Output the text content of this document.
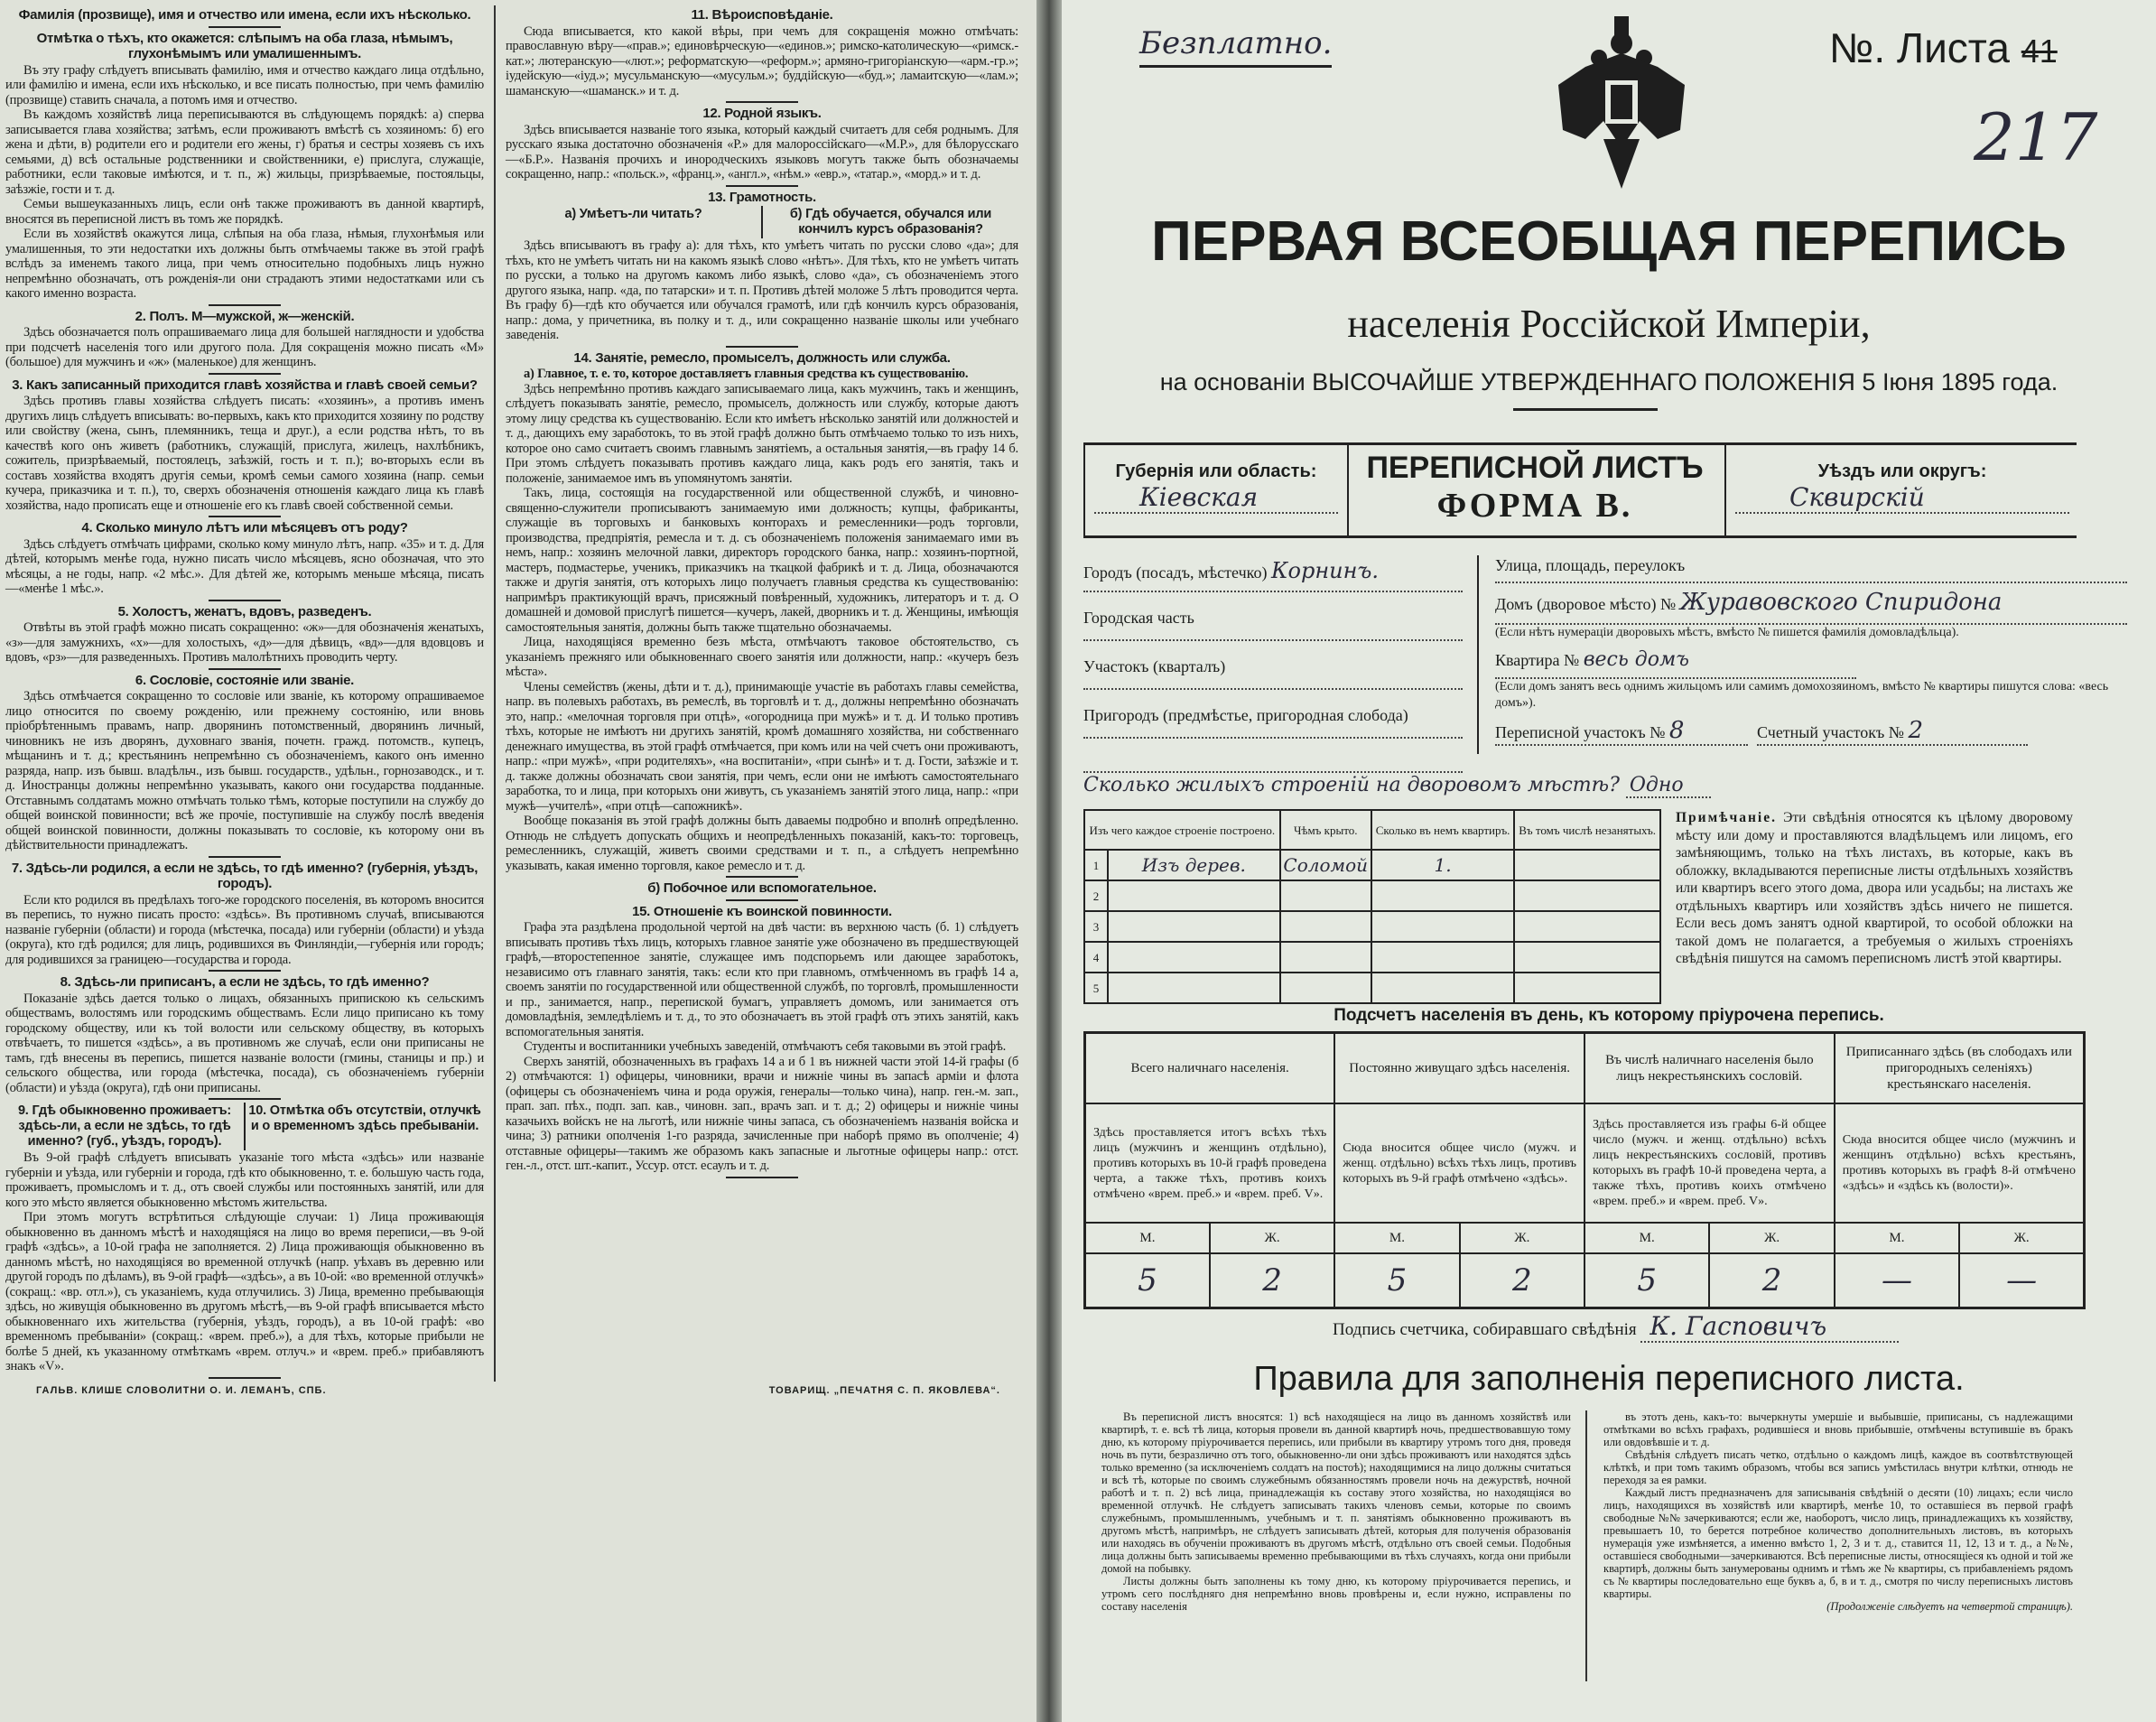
Фамилія (прозвище), имя и отчество или имена, если ихъ нѣсколько.
Отмѣтка о тѣхъ, кто окажется: слѣпымъ на оба глаза, нѣмымъ, глухонѣмымъ или умалишеннымъ.

Въ эту графу слѣдуетъ вписывать фамилію, имя и отчество каждаго лица отдѣльно, или фамилію и имена, если ихъ нѣсколько, и все писать полностью, при чемъ фамилію (прозвище) ставить сначала, а потомъ имя и отчество.

Въ каждомъ хозяйствѣ лица переписываются въ слѣдующемъ порядкѣ: а) сперва записывается глава хозяйства; затѣмъ, если проживаютъ вмѣстѣ съ хозяиномъ: б) его жена и дѣти, в) родители его и родители его жены, г) братья и сестры хозяевъ съ ихъ семьями, д) всѣ остальные родственники и свойственники, е) прислуга, служащіе, работники, если таковые имѣются, и т. п., ж) жильцы, призрѣваемые, постояльцы, заѣзжіе, гости и т. д.

Семьи вышеуказанныхъ лицъ, если онѣ также проживаютъ въ данной квартирѣ, вносятся въ переписной листъ въ томъ же порядкѣ.

Если въ хозяйствѣ окажутся лица, слѣпыя на оба глаза, нѣмыя, глухонѣмыя или умалишенныя, то эти недостатки ихъ должны быть отмѣчаемы также въ этой графѣ вслѣдъ за именемъ такого лица, при чемъ относительно подобныхъ лицъ нужно непремѣнно обозначать, отъ рожденія-ли они страдаютъ этими недостатками или съ какого именно возраста.

2. Полъ. М—мужской, ж—женскій.

Здѣсь обозначается полъ опрашиваемаго лица для большей наглядности и удобства при подсчетѣ населенія того или другого пола. Для сокращенія можно писать «М» (большое) для мужчинъ и «ж» (маленькое) для женщинъ.

3. Какъ записанный приходится главѣ хозяйства и главѣ своей семьи?

Здѣсь противъ главы хозяйства слѣдуетъ писать: «хозяинъ», а противъ именъ другихъ лицъ слѣдуетъ вписывать: во-первыхъ, какъ кто приходится хозяину по родству или свойству (жена, сынъ, племянникъ, теща и друг.), а если родства нѣтъ, то въ качествѣ кого онъ живетъ (работникъ, служащій, прислуга, жилецъ, нахлѣбникъ, сожитель, призрѣваемый, постоялецъ, заѣзжій, гость и т. п.); во-вторыхъ если въ составъ хозяйства входятъ другія семьи, кромѣ семьи самого хозяина (напр. семьи кучера, приказчика и т. п.), то, сверхъ обозначенія отношенія каждаго лица къ главѣ хозяйства, надо прописать еще и отношеніе его къ главѣ своей собственной семьи.

4. Сколько минуло лѣтъ или мѣсяцевъ отъ роду?

Здѣсь слѣдуетъ отмѣчать цифрами, сколько кому минуло лѣтъ, напр. «35» и т. д. Для дѣтей, которымъ менѣе года, нужно писать число мѣсяцевъ, ясно обозначая, что это мѣсяцы, а не годы, напр. «2 мѣс.». Для дѣтей же, которымъ меньше мѣсяца, писать—«менѣе 1 мѣс.».

5. Холостъ, женатъ, вдовъ, разведенъ.

Отвѣты въ этой графѣ можно писать сокращенно: «ж»—для обозначенія женатыхъ, «з»—для замужнихъ, «х»—для холостыхъ, «д»—для дѣвицъ, «вд»—для вдовцовъ и вдовъ, «рз»—для разведенныхъ. Противъ малолѣтнихъ проводить черту.

6. Сословіе, состояніе или званіе.

Здѣсь отмѣчается сокращенно то сословіе или званіе, къ которому опрашиваемое лицо относится по своему рожденію, или прежнему состоянію, или вновь пріобрѣтеннымъ правамъ, напр. дворянинъ потомственный, дворянинъ личный, чиновникъ не изъ дворянъ, духовнаго званія, почетн. гражд. потомств., купецъ, мѣщанинъ и т. д.; крестьянинъ непремѣнно съ обозначеніемъ, какого онъ именно разряда, напр. изъ бывш. владѣльч., изъ бывш. государств., удѣльн., горнозаводск., и т. д. Иностранцы должны непремѣнно указывать, какого они государства подданные. Отставнымъ солдатамъ можно отмѣчать только тѣмъ, которые поступили на службу до общей воинской повинности; всѣ же прочіе, поступившіе на службу послѣ введенія общей воинской повинности, должны показывать то сословіе, къ которому они въ дѣйствительности принадлежатъ.

7. Здѣсь-ли родился, а если не здѣсь, то гдѣ именно? (губернія, уѣздъ, городъ).

Если кто родился въ предѣлахъ того-же городского поселенія, въ которомъ вносится въ перепись, то нужно писать просто: «здѣсь». Въ противномъ случаѣ, вписываются названіе губерніи (области) и города (мѣстечка, посада) или губерніи (области) и уѣзда (округа), кто гдѣ родился; для лицъ, родившихся въ Финляндіи,—губернія или городъ; для родившихся за границею—государства и города.

8. Здѣсь-ли приписанъ, а если не здѣсь, то гдѣ именно?

Показаніе здѣсь дается только о лицахъ, обязанныхъ припискою къ сельскимъ обществамъ, волостямъ или городскимъ обществамъ. Если лицо приписано къ тому городскому обществу, или къ той волости или сельскому обществу, въ которыхъ отвѣчаетъ, то пишется «здѣсь», а въ противномъ же случаѣ, если они приписаны не тамъ, гдѣ внесены въ перепись, пишется названіе волости (гмины, станицы и пр.) и сельского общества, или города (мѣстечка, посада), съ обозначеніемъ губерніи (области) и уѣзда (округа), гдѣ они приписаны.

9. Гдѣ обыкновенно проживаетъ: здѣсь-ли, а если не здѣсь, то гдѣ именно? (губ., уѣздъ, городъ).
10. Отмѣтка объ отсутствіи, отлучкѣ и о временномъ здѣсь пребываніи.

Въ 9-ой графѣ слѣдуетъ вписывать указаніе того мѣста «здѣсь» или названіе губерніи и уѣзда, или губерніи и города, гдѣ кто обыкновенно, т. е. большую часть года, проживаетъ, промысломъ и т. д., отъ своей службы или постоянныхъ занятій, или для кого это мѣсто является обыкновенно мѣстомъ жительства.

При этомъ могутъ встрѣтиться слѣдующіе случаи: 1) Лица проживающія обыкновенно въ данномъ мѣстѣ и находящіяся на лицо во время переписи,—въ 9-ой графѣ «здѣсь», а 10-ой графа не заполняется. 2) Лица проживающія обыкновенно въ данномъ мѣстѣ, но находящіяся во временной отлучкѣ (напр. уѣхавъ въ деревню или другой городъ по дѣламъ), въ 9-ой графѣ—«здѣсь», а въ 10-ой: «во временной отлучкѣ» (сокращ.: «вр. отл.»), съ указаніемъ, куда отлучились. 3) Лица, временно пребывающія здѣсь, но живущія обыкновенно въ другомъ мѣстѣ,—въ 9-ой графѣ вписывается мѣсто обыкновеннаго ихъ жительства (губернія, уѣздъ, городъ), а въ 10-ой графѣ: «во временномъ пребываніи» (сокращ.: «врем. преб.»), а для тѣхъ, которые прибыли не болѣе 5 дней, къ указанному отмѣткамъ «врем. отлуч.» и «врем. преб.» прибавляютъ знакъ «V».

11. Вѣроисповѣданіе.

Сюда вписывается, кто какой вѣры, при чемъ для сокращенія можно отмѣчать: православную вѣру—«прав.»; единовѣрческую—«единов.»; римско-католическую—«римск.-кат.»; лютеранскую—«лют.»; реформатскую—«реформ.»; армяно-григоріанскую—«арм.-гр.»; іудейскую—«іуд.»; мусульманскую—«мусульм.»; буддійскую—«буд.»; ламаитскую—«лам.»; шаманскую—«шаманск.» и т. д.

12. Родной языкъ.

Здѣсь вписывается названіе того языка, который каждый считаетъ для себя роднымъ. Для русскаго языка достаточно обозначенія «Р.» для малороссійскаго—«М.Р.», для бѣлорусскаго—«Б.Р.». Названія прочихъ и инородческихъ языковъ могутъ также быть обозначаемы сокращенно, напр.: «польск.», «франц.», «англ.», «нѣм.» «евр.», «татар.», «морд.» и т. д.

13. Грамотность.
а) Умѣетъ-ли читать?	б) Гдѣ обучается, обучался или кончилъ курсъ образованія?

Здѣсь вписываютъ въ графу а): для тѣхъ, кто умѣетъ читать по русски слово «да»; для тѣхъ, кто не умѣетъ читать ни на какомъ языкѣ слово «нѣтъ». Для тѣхъ, кто не умѣетъ читать по русски, а только на другомъ какомъ либо языкѣ, слово «да», съ обозначеніемъ этого другого языка, напр. «да, по татарски» и т. п. Противъ дѣтей моложе 5 лѣтъ проводится черта. Въ графу б)—гдѣ кто обучается или обучался грамотѣ, или гдѣ кончилъ курсъ образованія, напр.: дома, у причетника, въ полку и т. д., или сокращенно названіе школы или учебнаго заведенія.

14. Занятіе, ремесло, промыселъ, должность или служба.

а) Главное, т. е. то, которое доставляетъ главныя средства къ существованію.

Здѣсь непремѣнно противъ каждаго записываемаго лица, какъ мужчинъ, такъ и женщинъ, слѣдуетъ показывать занятіе, ремесло, промыселъ, должность или службу, которые даютъ этому лицу средства къ существованію. Если кто имѣетъ нѣсколько занятій или должностей и т. д., дающихъ ему заработокъ, то въ этой графѣ должно быть отмѣчаемо только то изъ нихъ, которое оно само считаетъ своимъ главнымъ занятіемъ, а остальныя занятія,—въ графу 14 б. При этомъ слѣдуетъ показывать противъ каждаго лица, какъ родъ его занятія, такъ и положеніе, занимаемое имъ въ упомянутомъ занятіи.

Такъ, лица, состоящія на государственной или общественной службѣ, и чиновно-священно-служители прописываютъ занимаемую ими должность; купцы, фабриканты, служащіе въ торговыхъ и банковыхъ конторахъ и ремесленники—родъ торговли, производства, предпріятія, ремесла и т. д. съ обозначеніемъ положенія занимаемаго ими въ немъ, напр.: хозяинъ мелочной лавки, директоръ городского банка, напр.: хозяинъ-портной, мастеръ, подмастерье, ученикъ, приказчикъ на ткацкой фабрикѣ и т. д. Лица, обозначаются также и другія занятія, отъ которыхъ лицо получаетъ главныя средства къ существованію: напримѣръ практикующій врачъ, присяжный повѣренный, художникъ, литераторъ и т. д. О домашней и домовой прислугѣ пишется—кучеръ, лакей, дворникъ и т. д. Женщины, имѣющія самостоятельныя занятія, должны быть также тщательно обозначаемы.

Лица, находящіяся временно безъ мѣста, отмѣчаютъ таковое обстоятельство, съ указаніемъ прежняго или обыкновеннаго своего занятія или должности, напр.: «кучеръ безъ мѣста».

Члены семействъ (жены, дѣти и т. д.), принимающіе участіе въ работахъ главы семейства, напр. въ полевыхъ работахъ, въ ремеслѣ, въ торговлѣ и т. д., должны непремѣнно обозначать это, напр.: «мелочная торговля при отцѣ», «огородница при мужѣ» и т. д. И только противъ тѣхъ, которые не имѣютъ ни другихъ занятій, кромѣ домашняго хозяйства, ни собственнаго денежнаго имущества, въ этой графѣ отмѣчается, при комъ или на чей счетъ они проживаютъ, напр.: «при мужѣ», «при родителяхъ», «на воспитаніи», «при сынѣ» и т. д. Гости, заѣзжіе и т. д. также должны обозначать свои занятія, при чемъ, если они не имѣютъ самостоятельнаго заработка, то и лица, при которыхъ они живутъ, съ указаніемъ занятій этого лица, напр.: «при мужѣ—учителѣ», «при отцѣ—сапожникѣ».

Вообще показанія въ этой графѣ должны быть даваемы подробно и вполнѣ опредѣленно. Отнюдь не слѣдуетъ допускать общихъ и неопредѣленныхъ показаній, какъ-то: торговецъ, ремесленникъ, служащій, живетъ своими средствами и т. п., а слѣдуетъ непремѣнно указывать, какая именно торговля, какое ремесло и т. д.

б) Побочное или вспомогательное.
15. Отношеніе къ воинской повинности.

Графа эта раздѣлена продольной чертой на двѣ части: въ верхнюю часть (б. 1) слѣдуетъ вписывать противъ тѣхъ лицъ, которыхъ главное занятіе уже обозначено въ предшествующей графѣ,—второстепенное занятіе, служащее имъ подспорьемъ или дающее заработокъ, независимо отъ главнаго занятія, такъ: если кто при главномъ, отмѣченномъ въ графѣ 14 а, своемъ занятіи по государственной или общественной службѣ, по торговлѣ, промышленности и пр., занимается, напр., перепиской бумагъ, управляетъ домомъ, или занимается отъ домовладѣнія, земледѣліемъ и т. д., то это обозначаетъ въ этой графѣ отъ этихъ занятій, какъ вспомогательныя занятія.

Студенты и воспитанники учебныхъ заведеній, отмѣчаютъ себя таковыми въ этой графѣ.

Сверхъ занятій, обозначенныхъ въ графахъ 14 а и б 1 въ нижней части этой 14-й графы (б 2) отмѣчаются: 1) офицеры, чиновники, врачи и нижніе чины въ запасѣ арміи и флота (офицеры съ обозначеніемъ чина и рода оружія, генералы—только чина), напр. ген.-м. зап., прап. зап. пѣх., подп. зап. кав., чиновн. зап., врачъ зап. и т. д.; 2) офицеры и нижніе чины казачьихъ войскъ не на льготѣ, или нижніе чины запаса, съ обозначеніемъ названія войска и чина; 3) ратники ополченія 1-го разряда, зачисленные при наборѣ прямо въ ополченіе; 4) отставные офицеры—такимъ же образомъ какъ запасные и льготные офицеры напр.: отст. ген.-л., отст. шт.-капит., Уссур. отст. есаулъ и т. д.

ГАЛЬВ. КЛИШЕ СЛОВОЛИТНИ О. И. ЛЕМАНЪ, СПБ.	ТОВАРИЩ. „ПЕЧАТНЯ С. П. ЯКОВЛЕВА“.
Безплатно.	№. Листа 41
217
ПЕРВАЯ ВСЕОБЩАЯ ПЕРЕПИСЬ
населенія Россійской Имперіи,
на основаніи ВЫСОЧАЙШЕ УТВЕРЖДЕННАГО ПОЛОЖЕНІЯ 5 Іюня 1895 года.
Губернія или область:
Кіевская
ПЕРЕПИСНОЙ ЛИСТЪ
ФОРМА В.
Уѣздъ или округъ:
Сквирскій
Городъ (посадъ, мѣстечко) Корнинъ.
Городская часть
Участокъ (кварталъ)
Пригородъ (предмѣстье, пригородная слобода)
Улица, площадь, переулокъ
Домъ (дворовое мѣсто) № Журавовского Спиридона
(Если нѣтъ нумераціи дворовыхъ мѣстъ, вмѣсто № пишется фамилія домовладѣльца).
Квартира № весь домъ
(Если домъ занятъ весь однимъ жильцомъ или самимъ домохозяиномъ, вмѣсто № квартиры пишутся слова: «весь домъ»).
Переписной участокъ № 8	Счетный участокъ № 2
Сколько жилыхъ строеній на дворовомъ мѣстѣ? Одно
Изъ чего каждое строеніе построено.		Чѣмъ крыто.	Сколько въ немъ квартиръ.	Въ томъ числѣ незанятыхъ.
1	Изъ дерев.	Соломой	1.	
2				
3				
4				
5				
Примѣчаніе. Эти свѣдѣнія относятся къ цѣлому дворовому мѣсту или дому и проставляются владѣльцемъ или лицомъ, его замѣняющимъ, только на тѣхъ листахъ, въ которые, какъ въ обложку, вкладываются переписные листы отдѣльныхъ хозяйствъ или квартиръ всего этого дома, двора или усадьбы; на листахъ же отдѣльныхъ квартиръ или хозяйствъ здѣсь ничего не пишется. Если весь домъ занятъ одной квартирой, то особой обложки на такой домъ не полагается, а требуемыя о жилыхъ строеніяхъ свѣдѣнія пишутся на самомъ переписномъ листѣ этой квартиры.
Подсчетъ населенія въ день, къ которому пріурочена перепись.
Всего наличнаго населенія.		Постоянно живущаго здѣсь населенія.		Въ числѣ наличнаго населенія было лицъ некрестьянскихъ сословій.		Приписаннаго здѣсь (въ слободахъ или пригородныхъ селеніяхъ) крестьянскаго населенія.	
Здѣсь проставляется итогъ всѣхъ тѣхъ лицъ (мужчинъ и женщинъ отдѣльно), противъ которыхъ въ 10-й графѣ проведена черта, а также тѣхъ, противъ коихъ отмѣчено «врем. преб.» и «врем. преб. V».		Сюда вносится общее число (мужч. и женщ. отдѣльно) всѣхъ тѣхъ лицъ, противъ которыхъ въ 9-й графѣ отмѣчено «здѣсь».		Здѣсь проставляется изъ графы 6-й общее число (мужч. и женщ. отдѣльно) всѣхъ лицъ некрестьянскихъ сословій, противъ которыхъ въ графѣ 10-й проведена черта, а также тѣхъ, противъ коихъ отмѣчено «врем. преб.» и «врем. преб. V».		Сюда вносится общее число (мужчинъ и женщинъ отдѣльно) всѣхъ крестьянъ, противъ которыхъ въ графѣ 8-й отмѣчено «здѣсь» и «здѣсь къ (волости)».	
М.	Ж.	М.	Ж.	М.	Ж.	М.	Ж.
5	2	5	2	5	2	—	—
Подпись счетчика, собиравшаго свѣдѣнія К. Гасповичъ
Правила для заполненія переписного листа.

Въ переписной листъ вносятся: 1) всѣ находящіеся на лицо въ данномъ хозяйствѣ или квартирѣ, т. е. всѣ тѣ лица, которыя провели въ данной квартирѣ ночь, предшествовавшую тому дню, къ которому пріурочивается перепись, или прибыли въ квартиру утромъ того дня, проведя ночь въ пути, безразлично отъ того, обыкновенно-ли они здѣсь проживаютъ или находятся здѣсь только временно (за исключеніемъ солдатъ на постоѣ); находящимися на лицо должны считаться и всѣ тѣ, которые по своимъ служебнымъ обязанностямъ провели ночь на дежурствѣ, ночной работѣ и т. п. 2) всѣ лица, принадлежащія къ составу этого хозяйства, но находящіяся во временной отлучкѣ. Не слѣдуетъ записывать такихъ членовъ семьи, которые по своимъ служебнымъ, промышленнымъ, учебнымъ и т. п. занятіямъ обыкновенно проживаютъ въ другомъ мѣстѣ, напримѣръ, не слѣдуетъ записывать дѣтей, которыя для полученія образованія или находясь въ обученіи проживаютъ въ другомъ мѣстѣ, отдѣльно отъ своей семьи. Подобныя лица должны быть записываемы временно пребывающими въ тѣхъ случаяхъ, когда они прибыли домой на побывку.

Листы должны быть заполнены къ тому дню, къ которому пріурочивается перепись, и утромъ сего послѣдняго дня непремѣнно вновь провѣрены и, если нужно, исправлены по составу населенія

въ этотъ день, какъ-то: вычеркнуты умершіе и выбывшіе, приписаны, съ надлежащими отмѣтками во всѣхъ графахъ, родившіеся и вновь прибывшіе, отмѣчены вступившіе въ бракъ или овдовѣвшіе и т. д.

Свѣдѣнія слѣдуетъ писать четко, отдѣльно о каждомъ лицѣ, каждое въ соотвѣтствующей клѣткѣ, и при томъ такимъ образомъ, чтобы вся запись умѣстилась внутри клѣтки, отнюдь не переходя за ея рамки.

Каждый листъ предназначенъ для записыванія свѣдѣній о десяти (10) лицахъ; если число лицъ, находящихся въ хозяйствѣ или квартирѣ, менѣе 10, то оставшіеся въ первой графѣ свободные №№ зачеркиваются; если же, наоборотъ, число лицъ, принадлежащихъ къ хозяйству, превышаетъ 10, то берется потребное количество дополнительныхъ листовъ, въ которыхъ нумерація уже измѣняется, а именно вмѣсто 1, 2, 3 и т. д., ставится 11, 12, 13 и т. д., а №№, оставшіеся свободными—зачеркиваются. Всѣ переписные листы, относящіеся къ одной и той же квартирѣ, должны быть занумерованы однимъ и тѣмъ же № квартиры, съ прибавленіемъ рядомъ съ № квартиры последовательно еще буквъ а, б, в и т. д., смотря по числу переписныхъ листовъ квартиры.

(Продолженіе слѣдуетъ на четвертой страницѣ).
